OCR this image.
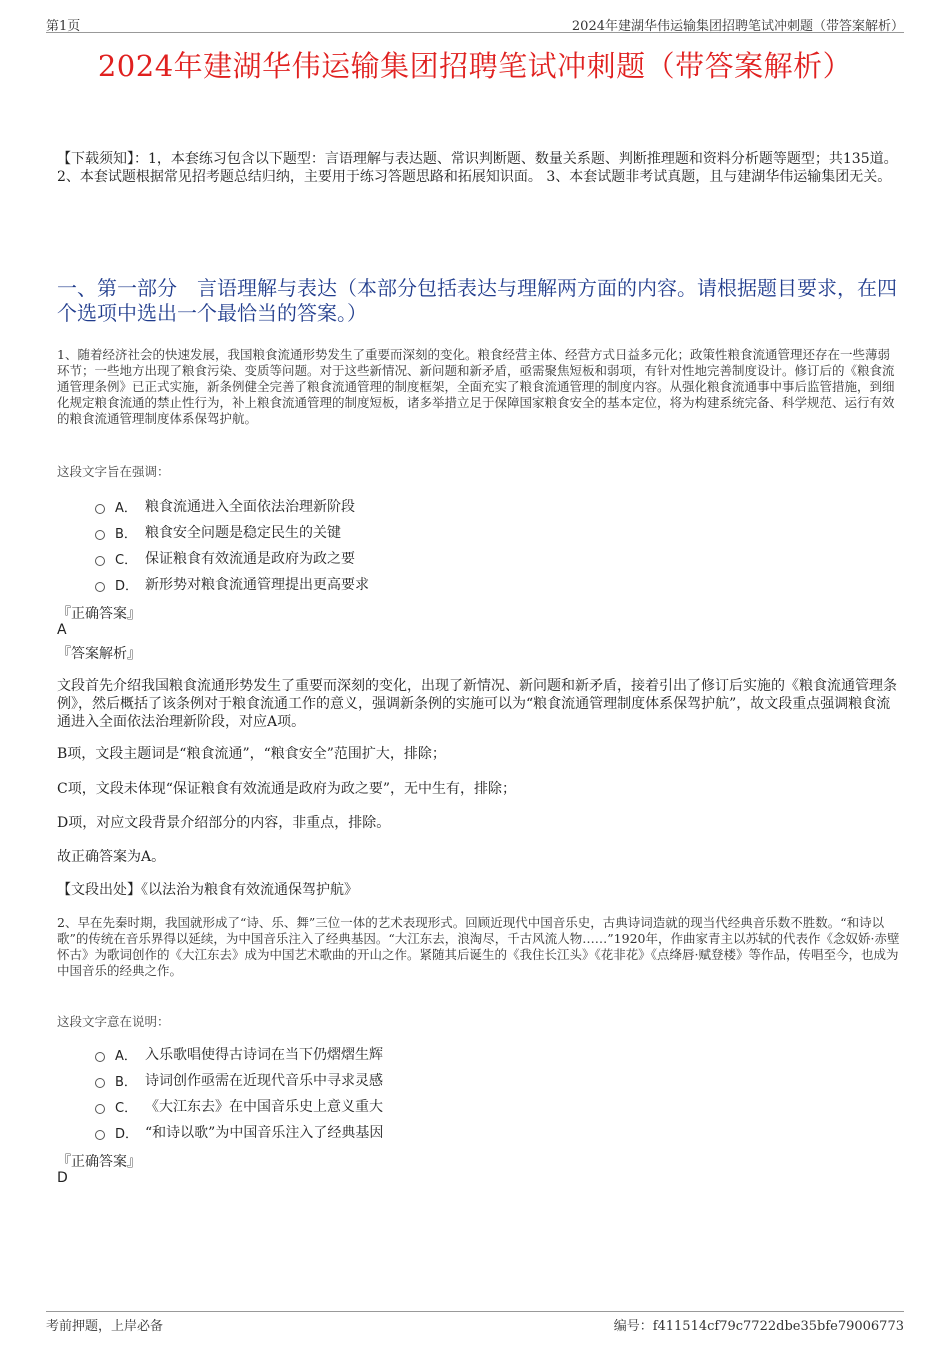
第1页	2024年建湖华伟运输集团招聘笔试冲刺题（带答案解析）
2024年建湖华伟运输集团招聘笔试冲刺题（带答案解析）
【下载须知】：1，本套练习包含以下题型：言语理解与表达题、常识判断题、数量关系题、判断推理题和资料分析题等题型；共135道。 2、本套试题根据常见招考题总结归纳，主要用于练习答题思路和拓展知识面。 3、本套试题非考试真题，且与建湖华伟运输集团无关。
一、第一部分　言语理解与表达（本部分包括表达与理解两方面的内容。请根据题目要求，在四个选项中选出一个最恰当的答案。）
1、随着经济社会的快速发展，我国粮食流通形势发生了重要而深刻的变化。粮食经营主体、经营方式日益多元化；政策性粮食流通管理还存在一些薄弱环节；一些地方出现了粮食污染、变质等问题。对于这些新情况、新问题和新矛盾，亟需聚焦短板和弱项，有针对性地完善制度设计。修订后的《粮食流通管理条例》已正式实施，新条例健全完善了粮食流通管理的制度框架，全面充实了粮食流通管理的制度内容。从强化粮食流通事中事后监管措施，到细化规定粮食流通的禁止性行为，补上粮食流通管理的制度短板，诸多举措立足于保障国家粮食安全的基本定位，将为构建系统完备、科学规范、运行有效的粮食流通管理制度体系保驾护航。
这段文字旨在强调：
A． 粮食流通进入全面依法治理新阶段
B． 粮食安全问题是稳定民生的关键
C． 保证粮食有效流通是政府为政之要
D． 新形势对粮食流通管理提出更高要求
『正确答案』
A
『答案解析』
文段首先介绍我国粮食流通形势发生了重要而深刻的变化，出现了新情况、新问题和新矛盾，接着引出了修订后实施的《粮食流通管理条例》，然后概括了该条例对于粮食流通工作的意义，强调新条例的实施可以为“粮食流通管理制度体系保驾护航”，故文段重点强调粮食流通进入全面依法治理新阶段，对应A项。
B项，文段主题词是“粮食流通”，“粮食安全”范围扩大，排除；
C项，文段未体现“保证粮食有效流通是政府为政之要”，无中生有，排除；
D项，对应文段背景介绍部分的内容，非重点，排除。
故正确答案为A。
【文段出处】《以法治为粮食有效流通保驾护航》
2、早在先秦时期，我国就形成了“诗、乐、舞”三位一体的艺术表现形式。回顾近现代中国音乐史，古典诗词造就的现当代经典音乐数不胜数。“和诗以歌”的传统在音乐界得以延续，为中国音乐注入了经典基因。“大江东去，浪淘尽，千古风流人物……”1920年，作曲家青主以苏轼的代表作《念奴娇·赤壁怀古》为歌词创作的《大江东去》成为中国艺术歌曲的开山之作。紧随其后诞生的《我住长江头》《花非花》《点绛唇·赋登楼》等作品，传唱至今，也成为中国音乐的经典之作。
这段文字意在说明：
A． 入乐歌唱使得古诗词在当下仍熠熠生辉
B． 诗词创作亟需在近现代音乐中寻求灵感
C． 《大江东去》在中国音乐史上意义重大
D． “和诗以歌”为中国音乐注入了经典基因
『正确答案』
D
考前押题，上岸必备	编号：f411514cf79c7722dbe35bfe79006773
